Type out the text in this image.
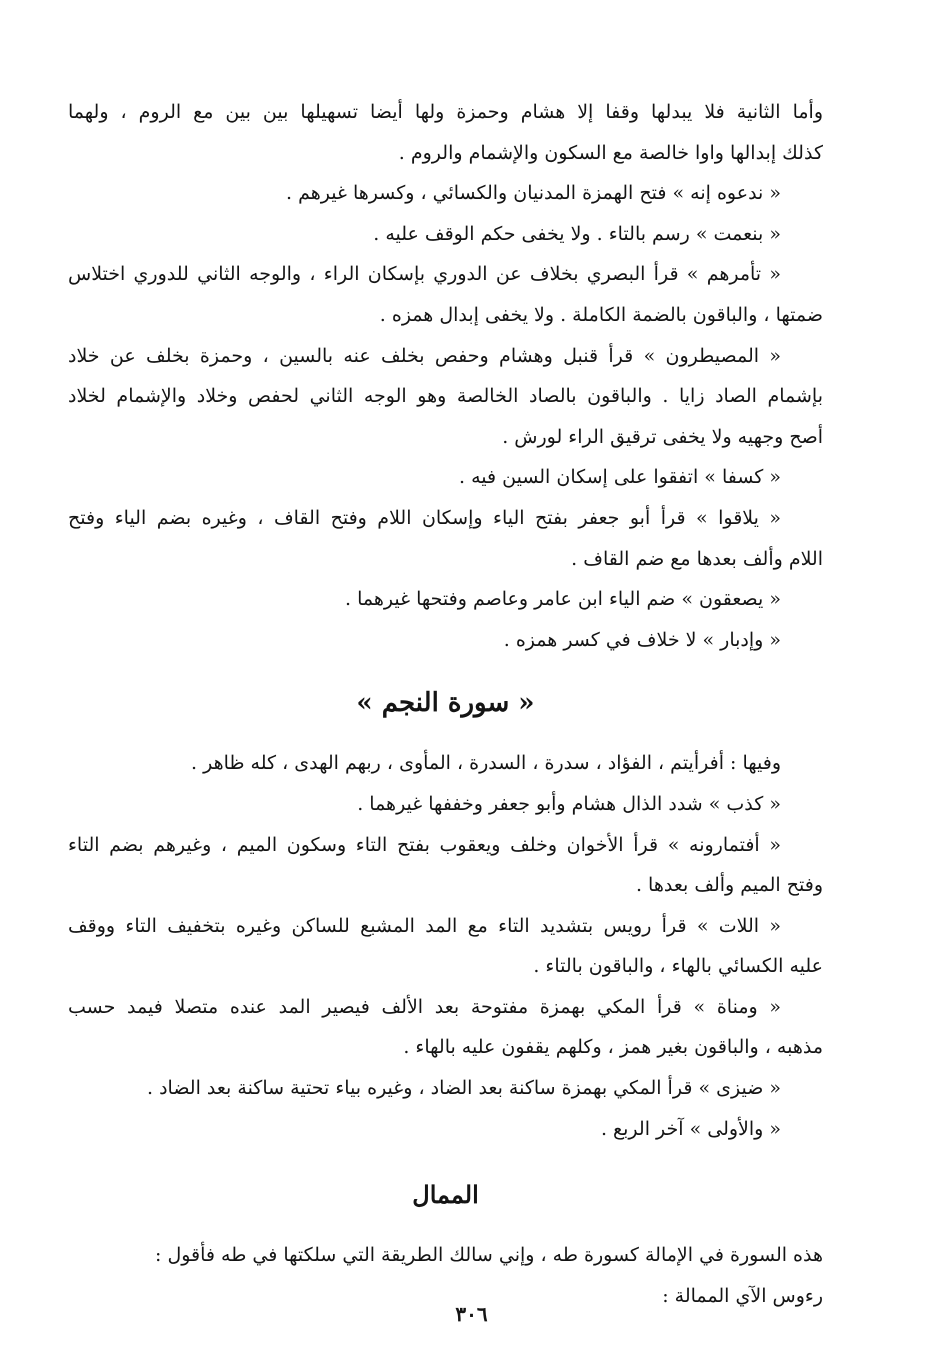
وأما الثانية فلا يبدلها وقفا إلا هشام وحمزة ولها أيضا تسهيلها بين بين مع الروم ، ولهما
كذلك إبدالها واوا خالصة مع السكون والإشمام والروم .
« ندعوه إنه » فتح الهمزة المدنيان والكسائي ، وكسرها غيرهم .
« بنعمت » رسم بالتاء . ولا يخفى حكم الوقف عليه .
« تأمرهم » قرأ البصري بخلاف عن الدوري بإسكان الراء ، والوجه الثاني للدوري اختلاس
ضمتها ، والباقون بالضمة الكاملة . ولا يخفى إبدال همزه .
« المصيطرون » قرأ قنبل وهشام وحفص بخلف عنه بالسين ، وحمزة بخلف عن خلاد
بإشمام الصاد زايا . والباقون بالصاد الخالصة وهو الوجه الثاني لحفص وخلاد والإشمام لخلاد
أصح وجهيه ولا يخفى ترقيق الراء لورش .
« كسفا » اتفقوا على إسكان السين فيه .
« يلاقوا » قرأ أبو جعفر بفتح الياء وإسكان اللام وفتح القاف ، وغيره بضم الياء وفتح
اللام وألف بعدها مع ضم القاف .
« يصعقون » ضم الياء ابن عامر وعاصم وفتحها غيرهما .
« وإدبار » لا خلاف في كسر همزه .
« سورة النجم »
وفيها : أفرأيتم ، الفؤاد ، سدرة ، السدرة ، المأوى ، ربهم الهدى ، كله ظاهر .
« كذب » شدد الذال هشام وأبو جعفر وخففها غيرهما .
« أفتمارونه » قرأ الأخوان وخلف ويعقوب بفتح التاء وسكون الميم ، وغيرهم بضم التاء
وفتح الميم وألف بعدها .
« اللات » قرأ رويس بتشديد التاء مع المد المشبع للساكن وغيره بتخفيف التاء ووقف
عليه الكسائي بالهاء ، والباقون بالتاء .
« ومناة » قرأ المكي بهمزة مفتوحة بعد الألف فيصير المد عنده متصلا فيمد حسب
مذهبه ، والباقون بغير همز ، وكلهم يقفون عليه بالهاء .
« ضيزى » قرأ المكي بهمزة ساكنة بعد الضاد ، وغيره بياء تحتية ساكنة بعد الضاد .
« والأولى » آخر الربع .
الممال
هذه السورة في الإمالة كسورة طه ، وإني سالك الطريقة التي سلكتها في طه فأقول :
رءوس الآي الممالة :
٣٠٦
